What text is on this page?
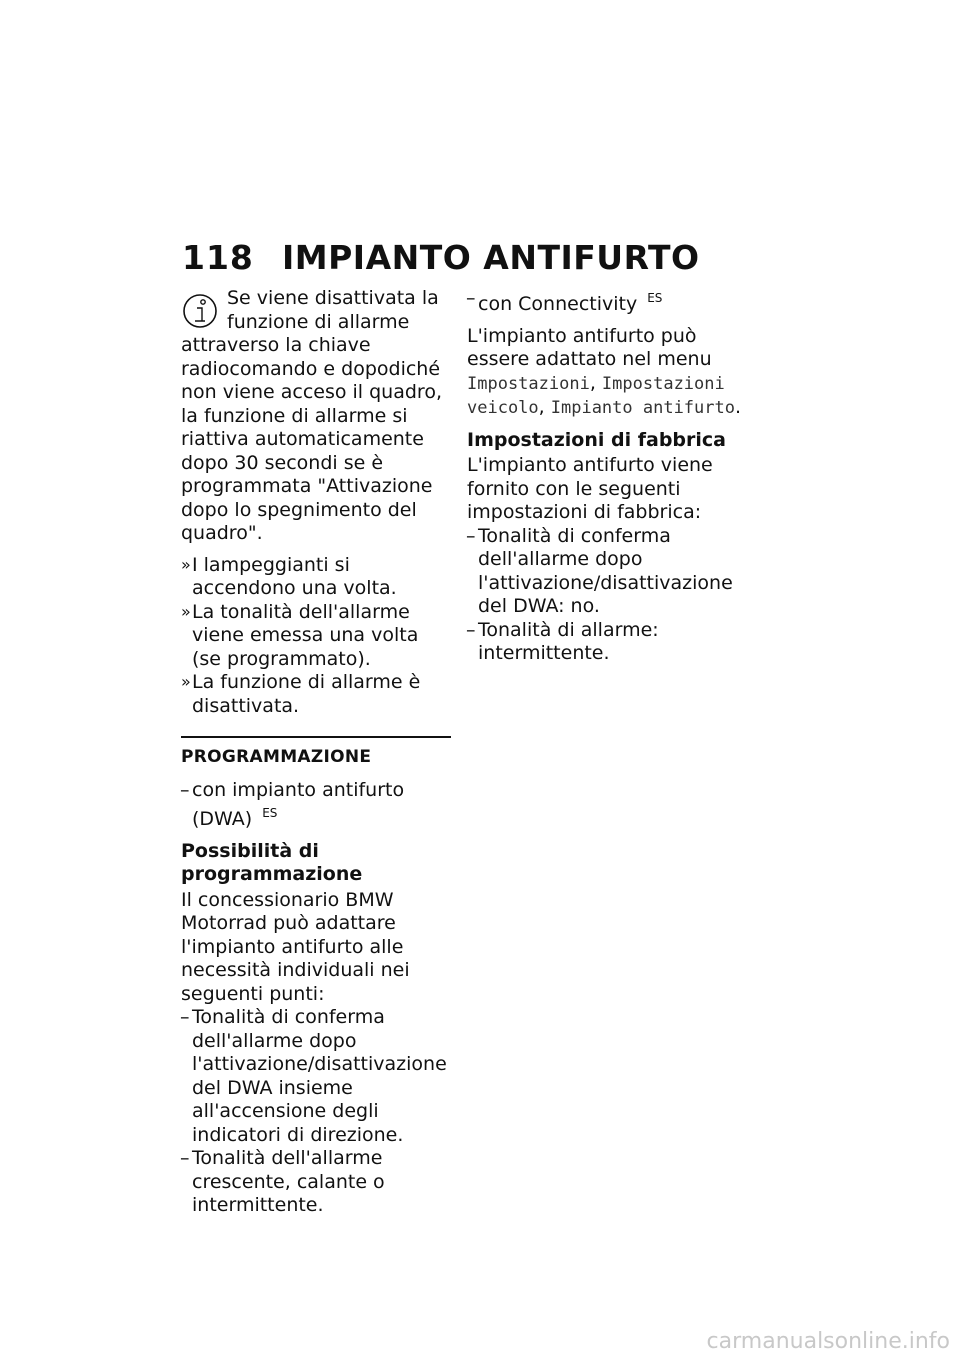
118 IMPIANTO ANTIFURTO
Se viene disattivata la funzione di allarme attraverso la chiave radiocomando e dopodiché non viene acceso il quadro, la funzione di allarme si riattiva automaticamente dopo 30 secondi se è programmata "Attivazione dopo lo spegnimento del quadro".
» I lampeggianti si accendono una volta.
» La tonalità dell'allarme viene emessa una volta (se programmato).
» La funzione di allarme è disattivata.
PROGRAMMAZIONE
– con impianto antifurto (DWA) $^{ES}$
Possibilità di programmazione
Il concessionario BMW Motorrad può adattare l'impianto antifurto alle necessità individuali nei seguenti punti:
– Tonalità di conferma dell'allarme dopo l'attivazione/disattivazione del DWA insieme all'accensione degli indicatori di direzione.
– Tonalità dell'allarme crescente, calante o intermittente.
– con Connectivity $^{ES}$
L'impianto antifurto può essere adattato nel menu Impostazioni, Impostazioni veicolo, Impianto antifurto.
Impostazioni di fabbrica
L'impianto antifurto viene fornito con le seguenti impostazioni di fabbrica:
– Tonalità di conferma dell'allarme dopo l'attivazione/disattivazione del DWA: no.
– Tonalità di allarme: intermittente.
carmanualsonline.info
